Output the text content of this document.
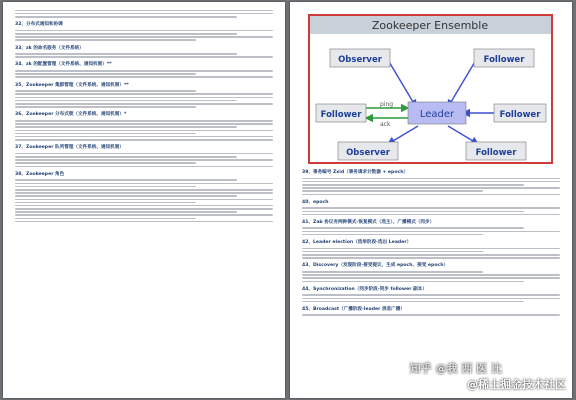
32、分布式通知和协调
33、zk 的命名服务（文件系统）
34、zk 的配置管理（文件系统、通知机制）**
35、Zookeeper 集群管理（文件系统、通知机制）**
36、Zookeeper 分布式锁（文件系统、通知机制）*
37、Zookeeper 队列管理（文件系统、通知机制）
38、Zookeeper 角色
Zookeeper Ensemble
ping
ack
Observer	Follower
Follower	Leader	Follower
Observer	Follower
39、事务编号 Zxid（事务请求计数器 + epoch）
40、epoch
41、Zab 协议有两种模式-恢复模式（选主）、广播模式（同步）
42、Leader election（选举阶段-选出 Leader）
43、Discovery（发现阶段-接受提议、生成 epoch、接受 epoch）
44、Synchronization（同步阶段-同步 follower 副本）
45、Broadcast（广播阶段-leader 消息广播）
知乎 @我 西 医 比
@稀土掘金技术社区
